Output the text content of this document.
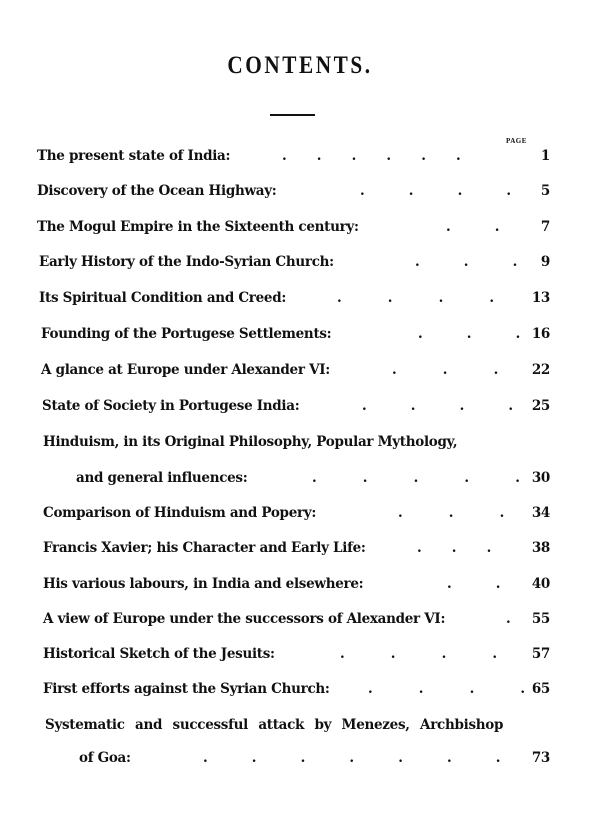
CONTENTS.
PAGE
The present state of India:	. . . . . .	1
Discovery of the Ocean Highway:	. . . . 5
The Mogul Empire in the Sixteenth century:	. .	7
Early History of the Indo-Syrian Church:	. . . 9
Its Spiritual Condition and Creed:	. . . .	13
Founding of the Portugese Settlements:	. . . 16
A glance at Europe under Alexander VI:	. . .	22
State of Society in Portugese India:	. . . . 25
Hinduism, in its Original Philosophy, Popular Mythology,
and general influences:	. . . . . 30
Comparison of Hinduism and Popery:	. . . 34
Francis Xavier; his Character and Early Life:	. . .	38
His various labours, in India and elsewhere:	. . 40
A view of Europe under the successors of Alexander VI:	. 55
Historical Sketch of the Jesuits:	. . . .	57
First efforts against the Syrian Church:	. . . . 65
Systematic and successful attack by Menezes, Archbishop
of Goa:	. . . . . . . 73
